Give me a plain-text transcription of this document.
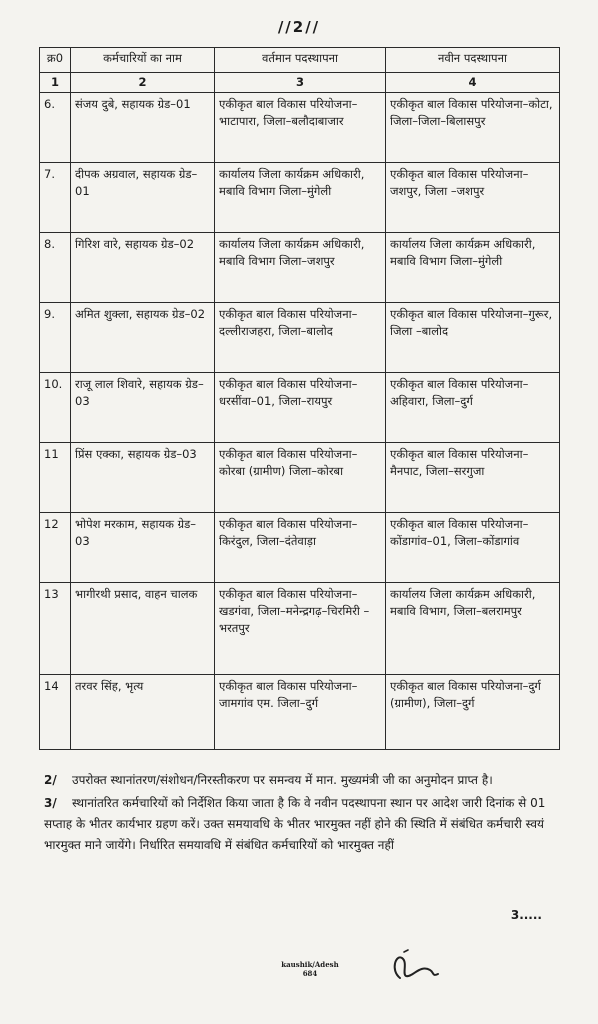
//2//
क्र0	कर्मचारियों का नाम	वर्तमान पदस्थापना	नवीन पदस्थापना
1	2	3	4
6.	संजय दुबे, सहायक ग्रेड–01	एकीकृत बाल विकास परियोजना–भाटापारा, जिला–बलौदाबाजार	एकीकृत बाल विकास परियोजना–कोटा, जिला–जिला–बिलासपुर
7.	दीपक अग्रवाल, सहायक ग्रेड–01	कार्यालय जिला कार्यक्रम अधिकारी, मबावि विभाग जिला–मुंगेली	एकीकृत बाल विकास परियोजना–जशपुर, जिला –जशपुर
8.	गिरिश वारे, सहायक ग्रेड–02	कार्यालय जिला कार्यक्रम अधिकारी, मबावि विभाग जिला–जशपुर	कार्यालय जिला कार्यक्रम अधिकारी, मबावि विभाग जिला–मुंगेली
9.	अमित शुक्ला, सहायक ग्रेड–02	एकीकृत बाल विकास परियोजना–दल्लीराजहरा, जिला–बालोद	एकीकृत बाल विकास परियोजना–गुरूर, जिला –बालोद
10.	राजू लाल शिवारे, सहायक ग्रेड–03	एकीकृत बाल विकास परियोजना–धरसींवा–01, जिला–रायपुर	एकीकृत बाल विकास परियोजना–अहिवारा, जिला–दुर्ग
11	प्रिंस एक्का, सहायक ग्रेड–03	एकीकृत बाल विकास परियोजना–कोरबा (ग्रामीण) जिला–कोरबा	एकीकृत बाल विकास परियोजना–मैनपाट, जिला–सरगुजा
12	भोपेश मरकाम, सहायक ग्रेड–03	एकीकृत बाल विकास परियोजना–किरंदुल, जिला–दंतेवाड़ा	एकीकृत बाल विकास परियोजना–कोंडागांव–01, जिला–कोंडागांव
13	भागीरथी प्रसाद, वाहन चालक	एकीकृत बाल विकास परियोजना–खडगंवा, जिला–मनेन्द्रगढ़–चिरमिरी –भरतपुर	कार्यालय जिला कार्यक्रम अधिकारी, मबावि विभाग, जिला–बलरामपुर
14	तरवर सिंह, भृत्य	एकीकृत बाल विकास परियोजना–जामगांव एम. जिला–दुर्ग	एकीकृत बाल विकास परियोजना–दुर्ग (ग्रामीण), जिला–दुर्ग

2/ उपरोक्त स्थानांतरण/संशोधन/निरस्तीकरण पर समन्वय में मान. मुख्यमंत्री जी का अनुमोदन प्राप्त है।

3/ स्थानांतरित कर्मचारियों को निर्देशित किया जाता है कि वे नवीन पदस्थापना स्थान पर आदेश जारी दिनांक से 01 सप्ताह के भीतर कार्यभार ग्रहण करें। उक्त समयावधि के भीतर भारमुक्त नहीं होने की स्थिति में संबंधित कर्मचारी स्वयं भारमुक्त माने जायेंगे। निर्धारित समयावधि में संबंधित कर्मचारियों को भारमुक्त नहीं

3.....
kaushik/Adesh
684
